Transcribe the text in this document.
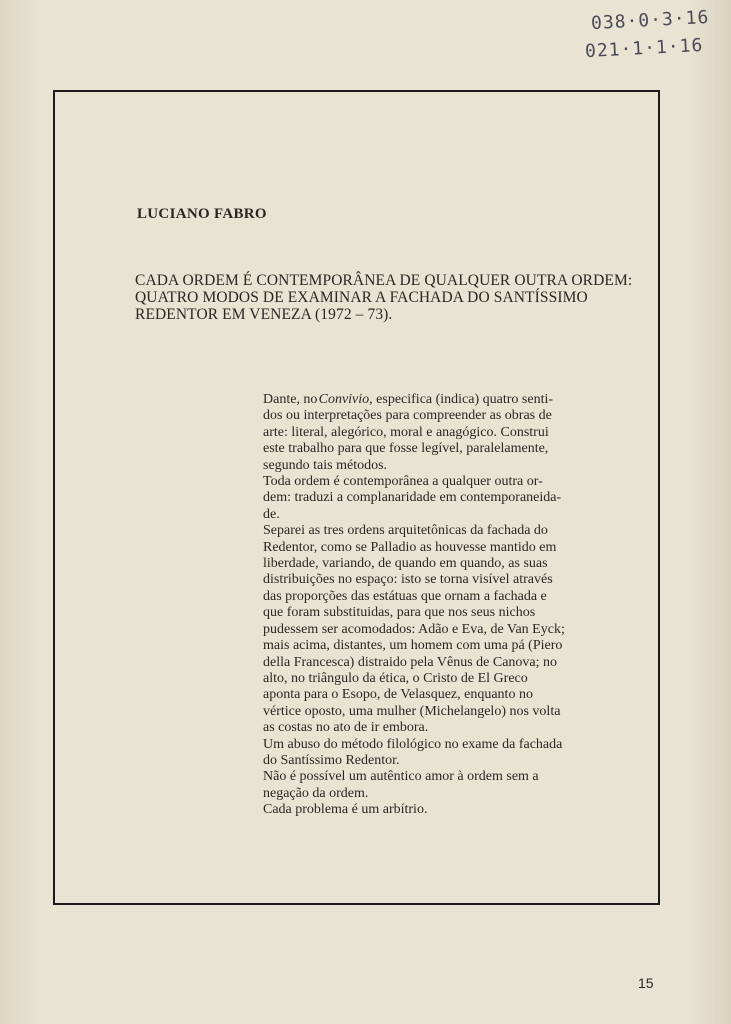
038·0·3·16
021·1·1·16
LUCIANO FABRO
CADA ORDEM É CONTEMPORÂNEA DE QUALQUER OUTRA ORDEM:
QUATRO MODOS DE EXAMINAR A FACHADA DO SANTÍSSIMO
REDENTOR EM VENEZA (1972 – 73).
Dante, no
  Convivio , especifica (indica) quatro senti-
dos ou interpretações para compreender as obras de
arte: literal, alegórico, moral e anagógico. Construi
este trabalho para que fosse legível, paralelamente,
segundo tais métodos.
Toda ordem é contemporânea a qualquer outra or-
dem: traduzi a complanaridade em contemporaneida-
de.
Separei as tres ordens arquitetônicas da fachada do
Redentor, como se Palladio as houvesse mantido em
liberdade, variando, de quando em quando, as suas
distribuições no espaço: isto se torna visível através
das proporções das estátuas que ornam a fachada e
que foram substituidas, para que nos seus nichos
pudessem ser acomodados: Adão e Eva, de Van Eyck;
mais acima, distantes, um homem com uma pá (Piero
della Francesca) distraido pela Vênus de Canova; no
alto, no triângulo da ética, o Cristo de El Greco
aponta para o Esopo, de Velasquez, enquanto no
vértice oposto, uma mulher (Michelangelo) nos volta
as costas no ato de ir embora.
Um abuso do método filológico no exame da fachada
do Santíssimo Redentor.
Não é possível um autêntico amor à ordem sem a
negação da ordem.
Cada problema é um arbítrio.
15
